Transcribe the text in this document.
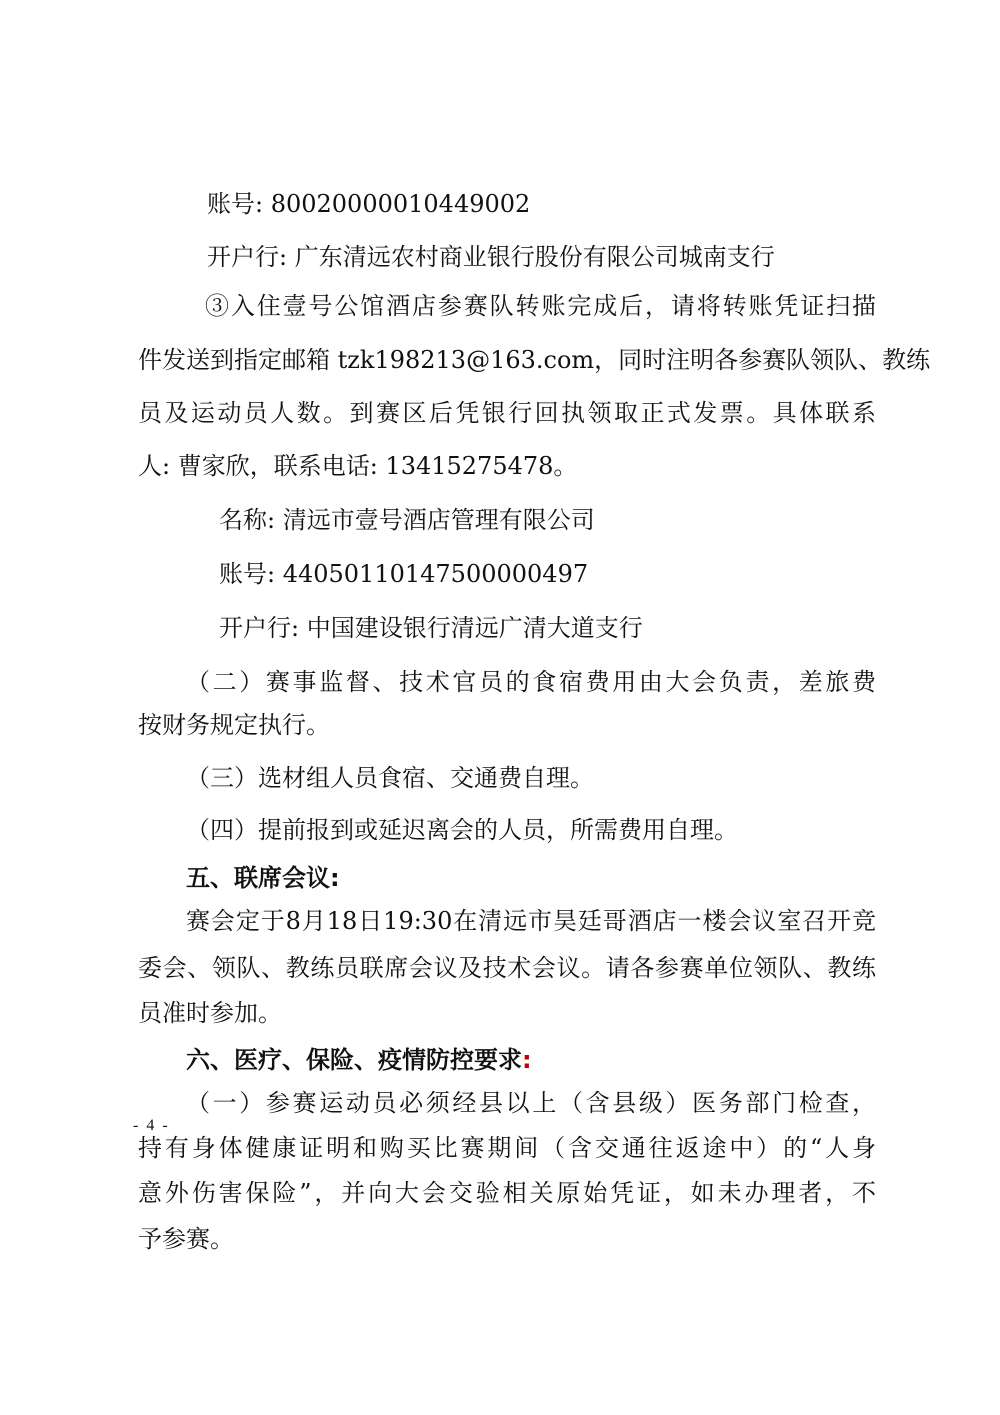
账号: 80020000010449002
开户行: 广东清远农村商业银行股份有限公司城南支行
③入住壹号公馆酒店参赛队转账完成后，请将转账凭证扫描
件发送到指定邮箱 tzk198213@163.com，同时注明各参赛队领队、教练
员及运动员人数。到赛区后凭银行回执领取正式发票。具体联系
人: 曹家欣，联系电话: 13415275478。
名称: 清远市壹号酒店管理有限公司
账号: 44050110147500000497
开户行: 中国建设银行清远广清大道支行
（二）赛事监督、技术官员的食宿费用由大会负责，差旅费
按财务规定执行。
（三）选材组人员食宿、交通费自理。
（四）提前报到或延迟离会的人员，所需费用自理。
五、联席会议:
赛会定于8月18日19:30在清远市昊廷哥酒店一楼会议室召开竞
委会、领队、教练员联席会议及技术会议。请各参赛单位领队、教练
员准时参加。
六、医疗、保险、疫情防控要求:
（一）参赛运动员必须经县以上（含县级）医务部门检查，
持有身体健康证明和购买比赛期间（含交通往返途中）的“人身
意外伤害保险”，并向大会交验相关原始凭证，如未办理者，不
予参赛。
- 4 -
